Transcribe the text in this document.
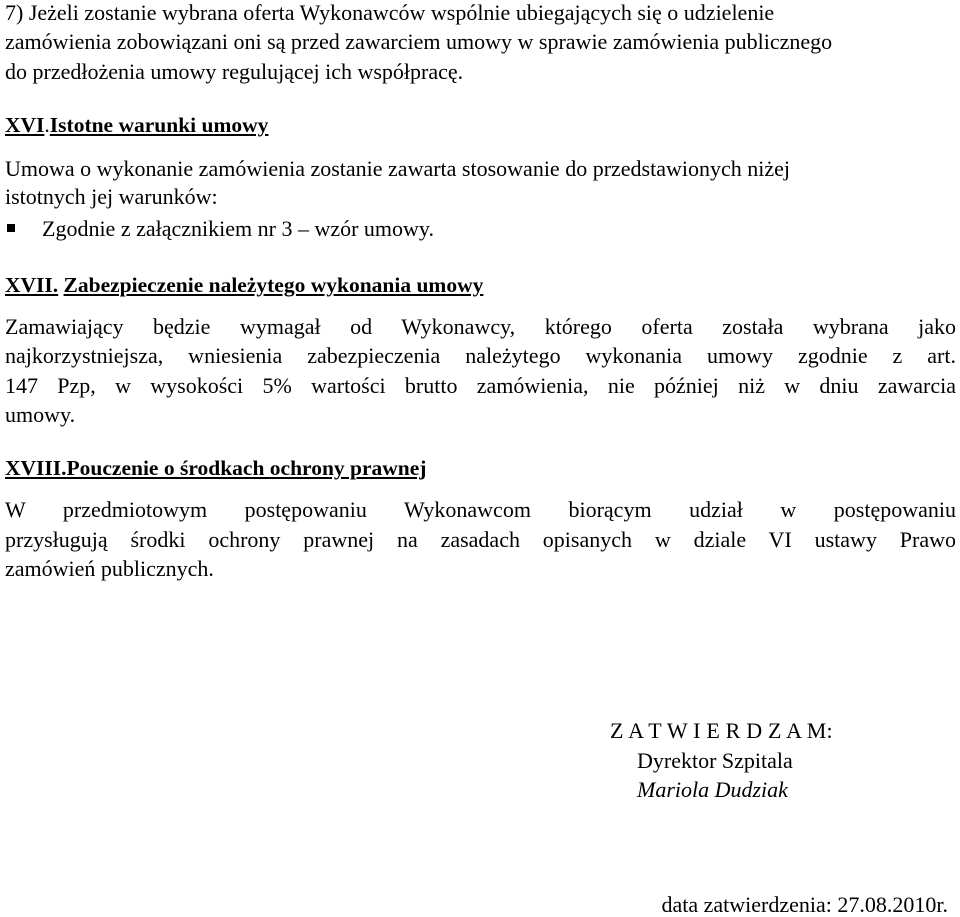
7) Jeżeli zostanie wybrana oferta Wykonawców wspólnie ubiegających się o udzielenie
zamówienia zobowiązani oni są przed zawarciem umowy w sprawie zamówienia publicznego
do przedłożenia umowy regulującej ich współpracę.
XVI.Istotne warunki umowy
Umowa o wykonanie zamówienia zostanie zawarta stosowanie do przedstawionych niżej
istotnych jej warunków:
Zgodnie z załącznikiem nr 3 – wzór umowy.
XVII. Zabezpieczenie należytego wykonania umowy
Zamawiający będzie wymagał od Wykonawcy, którego oferta została wybrana jako
najkorzystniejsza, wniesienia zabezpieczenia należytego wykonania umowy zgodnie z art.
147 Pzp, w wysokości 5% wartości brutto zamówienia, nie później niż w dniu zawarcia
umowy.
XVIII.Pouczenie o środkach ochrony prawnej
W przedmiotowym postępowaniu Wykonawcom biorącym udział w postępowaniu
przysługują środki ochrony prawnej na zasadach opisanych w dziale VI ustawy Prawo
zamówień publicznych.
Z A T W I E R D Z A M:
Dyrektor Szpitala
Mariola Dudziak
data zatwierdzenia: 27.08.2010r.
